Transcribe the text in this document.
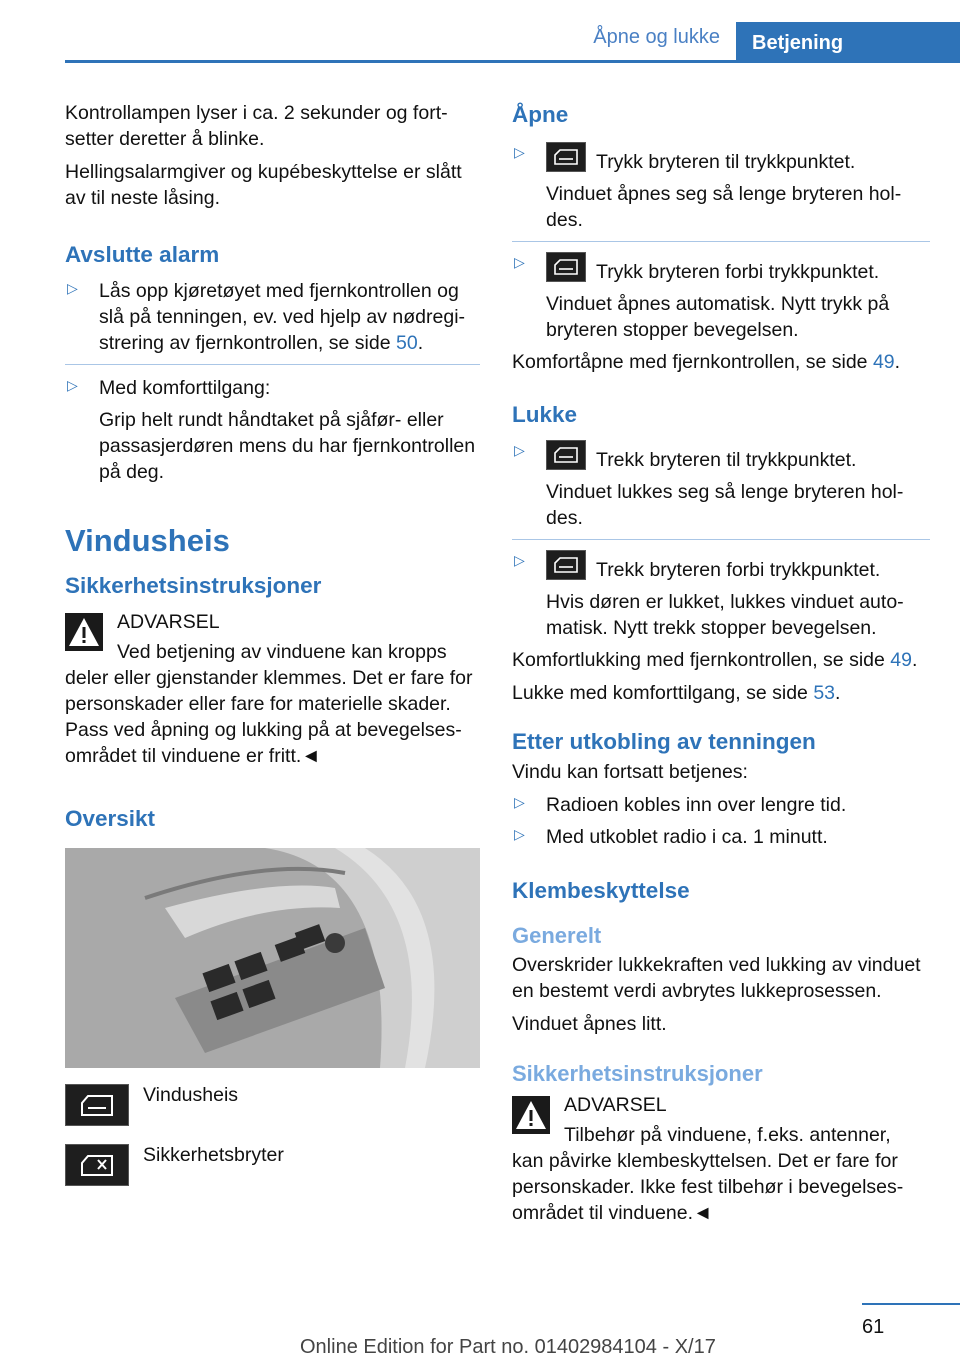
Åpne og lukke	Betjening

Kontrollampen lyser i ca. 2 sekunder og fortsetter deretter å blinke.

Hellingsalarmgiver og kupébeskyttelse er slått av til neste låsing.

Avslutte alarm
▷ Lås opp kjøretøyet med fjernkontrollen og slå på tenningen, ev. ved hjelp av nødregistrering av fjernkontrollen, se side 50.

▷ Med komforttilgang:

Grip helt rundt håndtaket på sjåfør- eller passasjerdøren mens du har fjernkontrollen på deg.

Vindusheis
Sikkerhetsinstruksjoner

ADVARSEL

Ved betjening av vinduene kan kropps

deler eller gjenstander klemmes. Det er fare for personskader eller fare for materielle skader. Pass ved åpning og lukking på at bevegelsesområdet til vinduene er fritt.◄

Oversikt
Vindusheis
Sikkerhetsbryter
Åpne
▷	Trykk bryteren til trykkpunktet.

Vinduet åpnes seg så lenge bryteren holdes.

▷	Trykk bryteren forbi trykkpunktet.

Vinduet åpnes automatisk. Nytt trykk på bryteren stopper bevegelsen.

Komfortåpne med fjernkontrollen, se side 49.

Lukke
▷	Trekk bryteren til trykkpunktet.

Vinduet lukkes seg så lenge bryteren holdes.

▷	Trekk bryteren forbi trykkpunktet.

Hvis døren er lukket, lukkes vinduet automatisk. Nytt trekk stopper bevegelsen.

Komfortlukking med fjernkontrollen, se side 49.

Lukke med komforttilgang, se side 53.

Etter utkobling av tenningen

Vindu kan fortsatt betjenes:

▷ Radioen kobles inn over lengre tid.

▷ Med utkoblet radio i ca. 1 minutt.

Klembeskyttelse
Generelt

Overskrider lukkekraften ved lukking av vinduet en bestemt verdi avbrytes lukkeprosessen.

Vinduet åpnes litt.

Sikkerhetsinstruksjoner

ADVARSEL

Tilbehør på vinduene, f.eks. antenner,

kan påvirke klembeskyttelsen. Det er fare for personskader. Ikke fest tilbehør i bevegelsesområdet til vinduene.◄

61
Online Edition for Part no. 01402984104 - X/17
